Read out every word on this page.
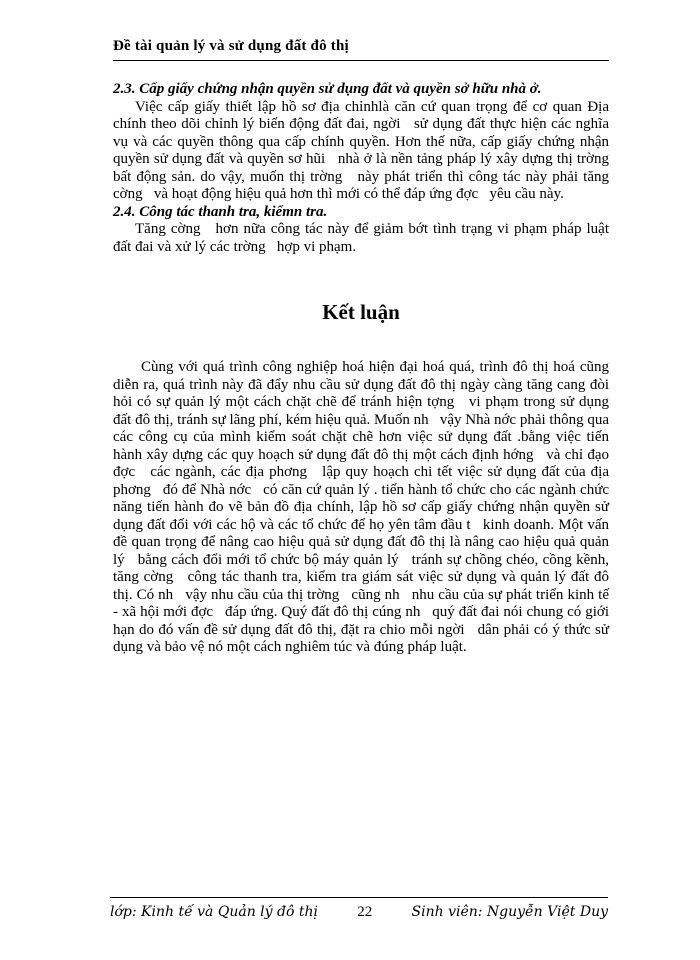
Đề tài quản lý và sử dụng đất đô thị
2.3. Cấp giấy chứng nhận quyền sử dụng đất và quyền sở hữu nhà ở.
Việc cấp giấy thiết lập hồ sơ địa chỉnhlà căn cứ quan trọng để cơ quan Địa chính theo dõi chỉnh lý biến động đất đai, ngời   sử dụng đất thực hiện các nghĩa vụ và các quyền thông qua cấp chính quyền. Hơn thế nữa, cấp giấy chứng nhận quyền sử dụng đất và quyền sơ hũi   nhà ở là nền tảng pháp lý xây dựng thị trờng   bất động sản. do vậy, muốn thị trờng   này phát triển thì công tác này phải tăng cờng   và hoạt động hiệu quả hơn thì mới có thể đáp ứng đợc   yêu cầu này.
2.4. Công tác thanh tra, kiểmn tra.
Tăng cờng   hơn nữa công tác này để giảm bớt tình trạng vi phạm pháp luật đất đai và xử lý các trờng   hợp vi phạm.
Kết luận
Cùng với quá trình công nghiệp hoá hiện đại hoá quá, trình đô thị hoá cũng diễn ra, quá trình này đã đẩy nhu cầu sử dụng đất đô thị ngày càng tăng cang đòi hỏi có sự quản lý một cách chặt chẽ để tránh hiện tợng   vi phạm trong sử dụng đất đô thị, tránh sự lãng phí, kém hiệu quả. Muốn nh   vậy Nhà nớc phải thông qua các công cụ của mình kiểm soát chặt chẽ hơn việc sử dụng đất .bằng việc tiến hành xây dựng các quy hoạch sử dụng đất đô thị một cách định hớng   và chỉ đạo đợc   các ngành, các địa phơng   lập quy hoạch chi tết việc sử dụng đất của địa phơng   đó để Nhà nớc   có căn cứ quản lý . tiến hành tổ chức cho các ngành chức năng tiến hành đo vẽ bản đồ địa chính, lập hồ sơ cấp giấy chứng nhận quyền sử dụng đất đối với các hộ và các tổ chức để họ yên tâm đầu t   kinh doanh. Một vấn đề quan trọng để nâng cao hiệu quả sử dụng đất đô thị là nâng cao hiệu quả quản lý   bằng cách đổi mới tổ chức bộ máy quản lý   tránh sự chồng chéo, cồng kềnh, tăng cờng   công tác thanh tra, kiểm tra giám sát việc sử dụng và quản lý đất đô thị. Có nh   vậy nhu cầu của thị trờng   cũng nh   nhu cầu của sự phát triển kinh tế - xã hội mới đợc   đáp ứng. Quý đất đô thị cúng nh   quý đất đai nói chung có giới hạn do đó vấn đề sử dụng đất đô thị, đặt ra chio mỗi ngời   dân phải có ý thức sử dụng và bảo vệ nó một cách nghiêm túc và đúng pháp luật.
lớp: Kinh tế và Quản lý đô thị	22	Sinh viên: Nguyễn Việt Duy
